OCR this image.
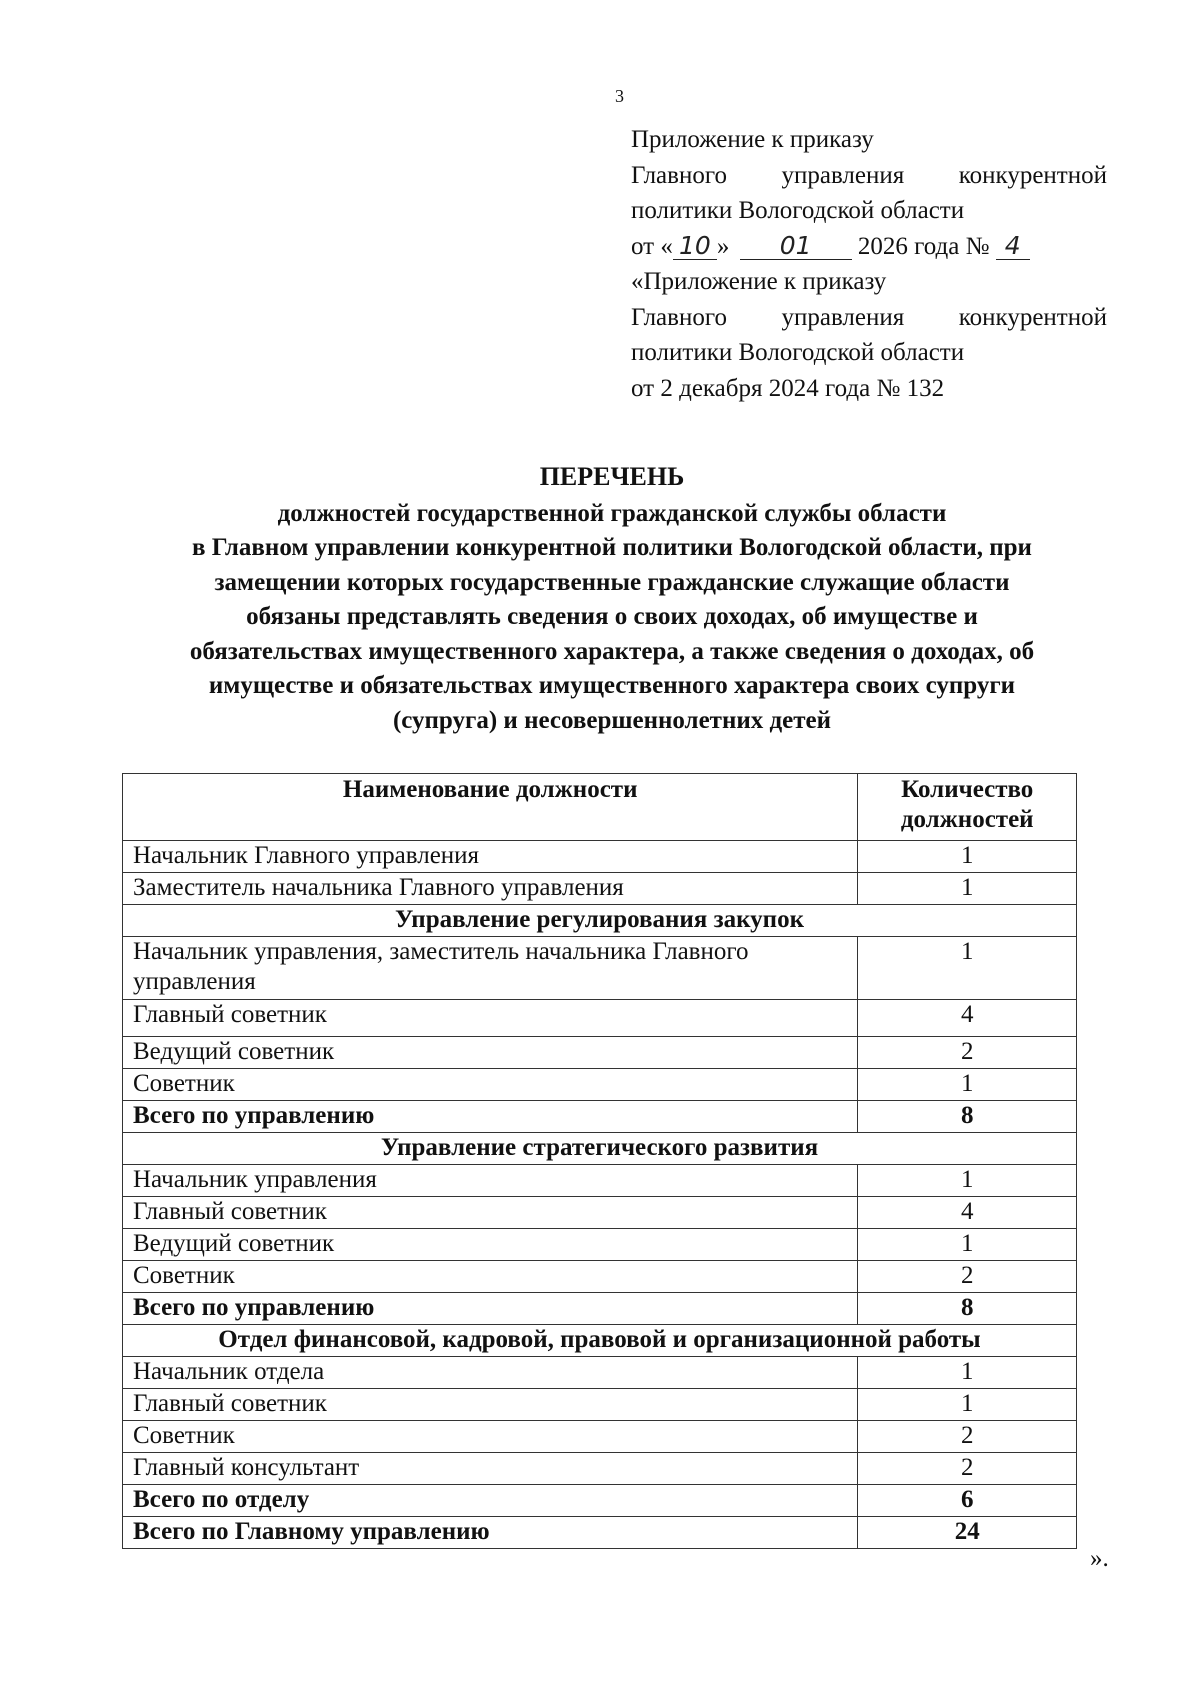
3
Приложение к приказу
Главного управления конкурентной
политики Вологодской области
от « 10 » 01 2026 года № 4
«Приложение к приказу
Главного управления конкурентной
политики Вологодской области
от 2 декабря 2024 года № 132
ПЕРЕЧЕНЬ
должностей государственной гражданской службы области
в Главном управлении конкурентной политики Вологодской области, при
замещении которых государственные гражданские служащие области
обязаны представлять сведения о своих доходах, об имуществе и
обязательствах имущественного характера, а также сведения о доходах, об
имуществе и обязательствах имущественного характера своих супруги
(супруга) и несовершеннолетних детей
Наименование должности	Количество
должностей

Начальник Главного управления	1
Заместитель начальника Главного управления	1
Управление регулирования закупок	
Начальник управления, заместитель начальника Главного управления	1
Главный советник	4
Ведущий советник	2
Советник	1
Всего по управлению	8
Управление стратегического развития	
Начальник управления	1
Главный советник	4
Ведущий советник	1
Советник	2
Всего по управлению	8
Отдел финансовой, кадровой, правовой и организационной работы	
Начальник отдела	1
Главный советник	1
Советник	2
Главный консультант	2
Всего по отделу	6
Всего по Главному управлению	24
».
